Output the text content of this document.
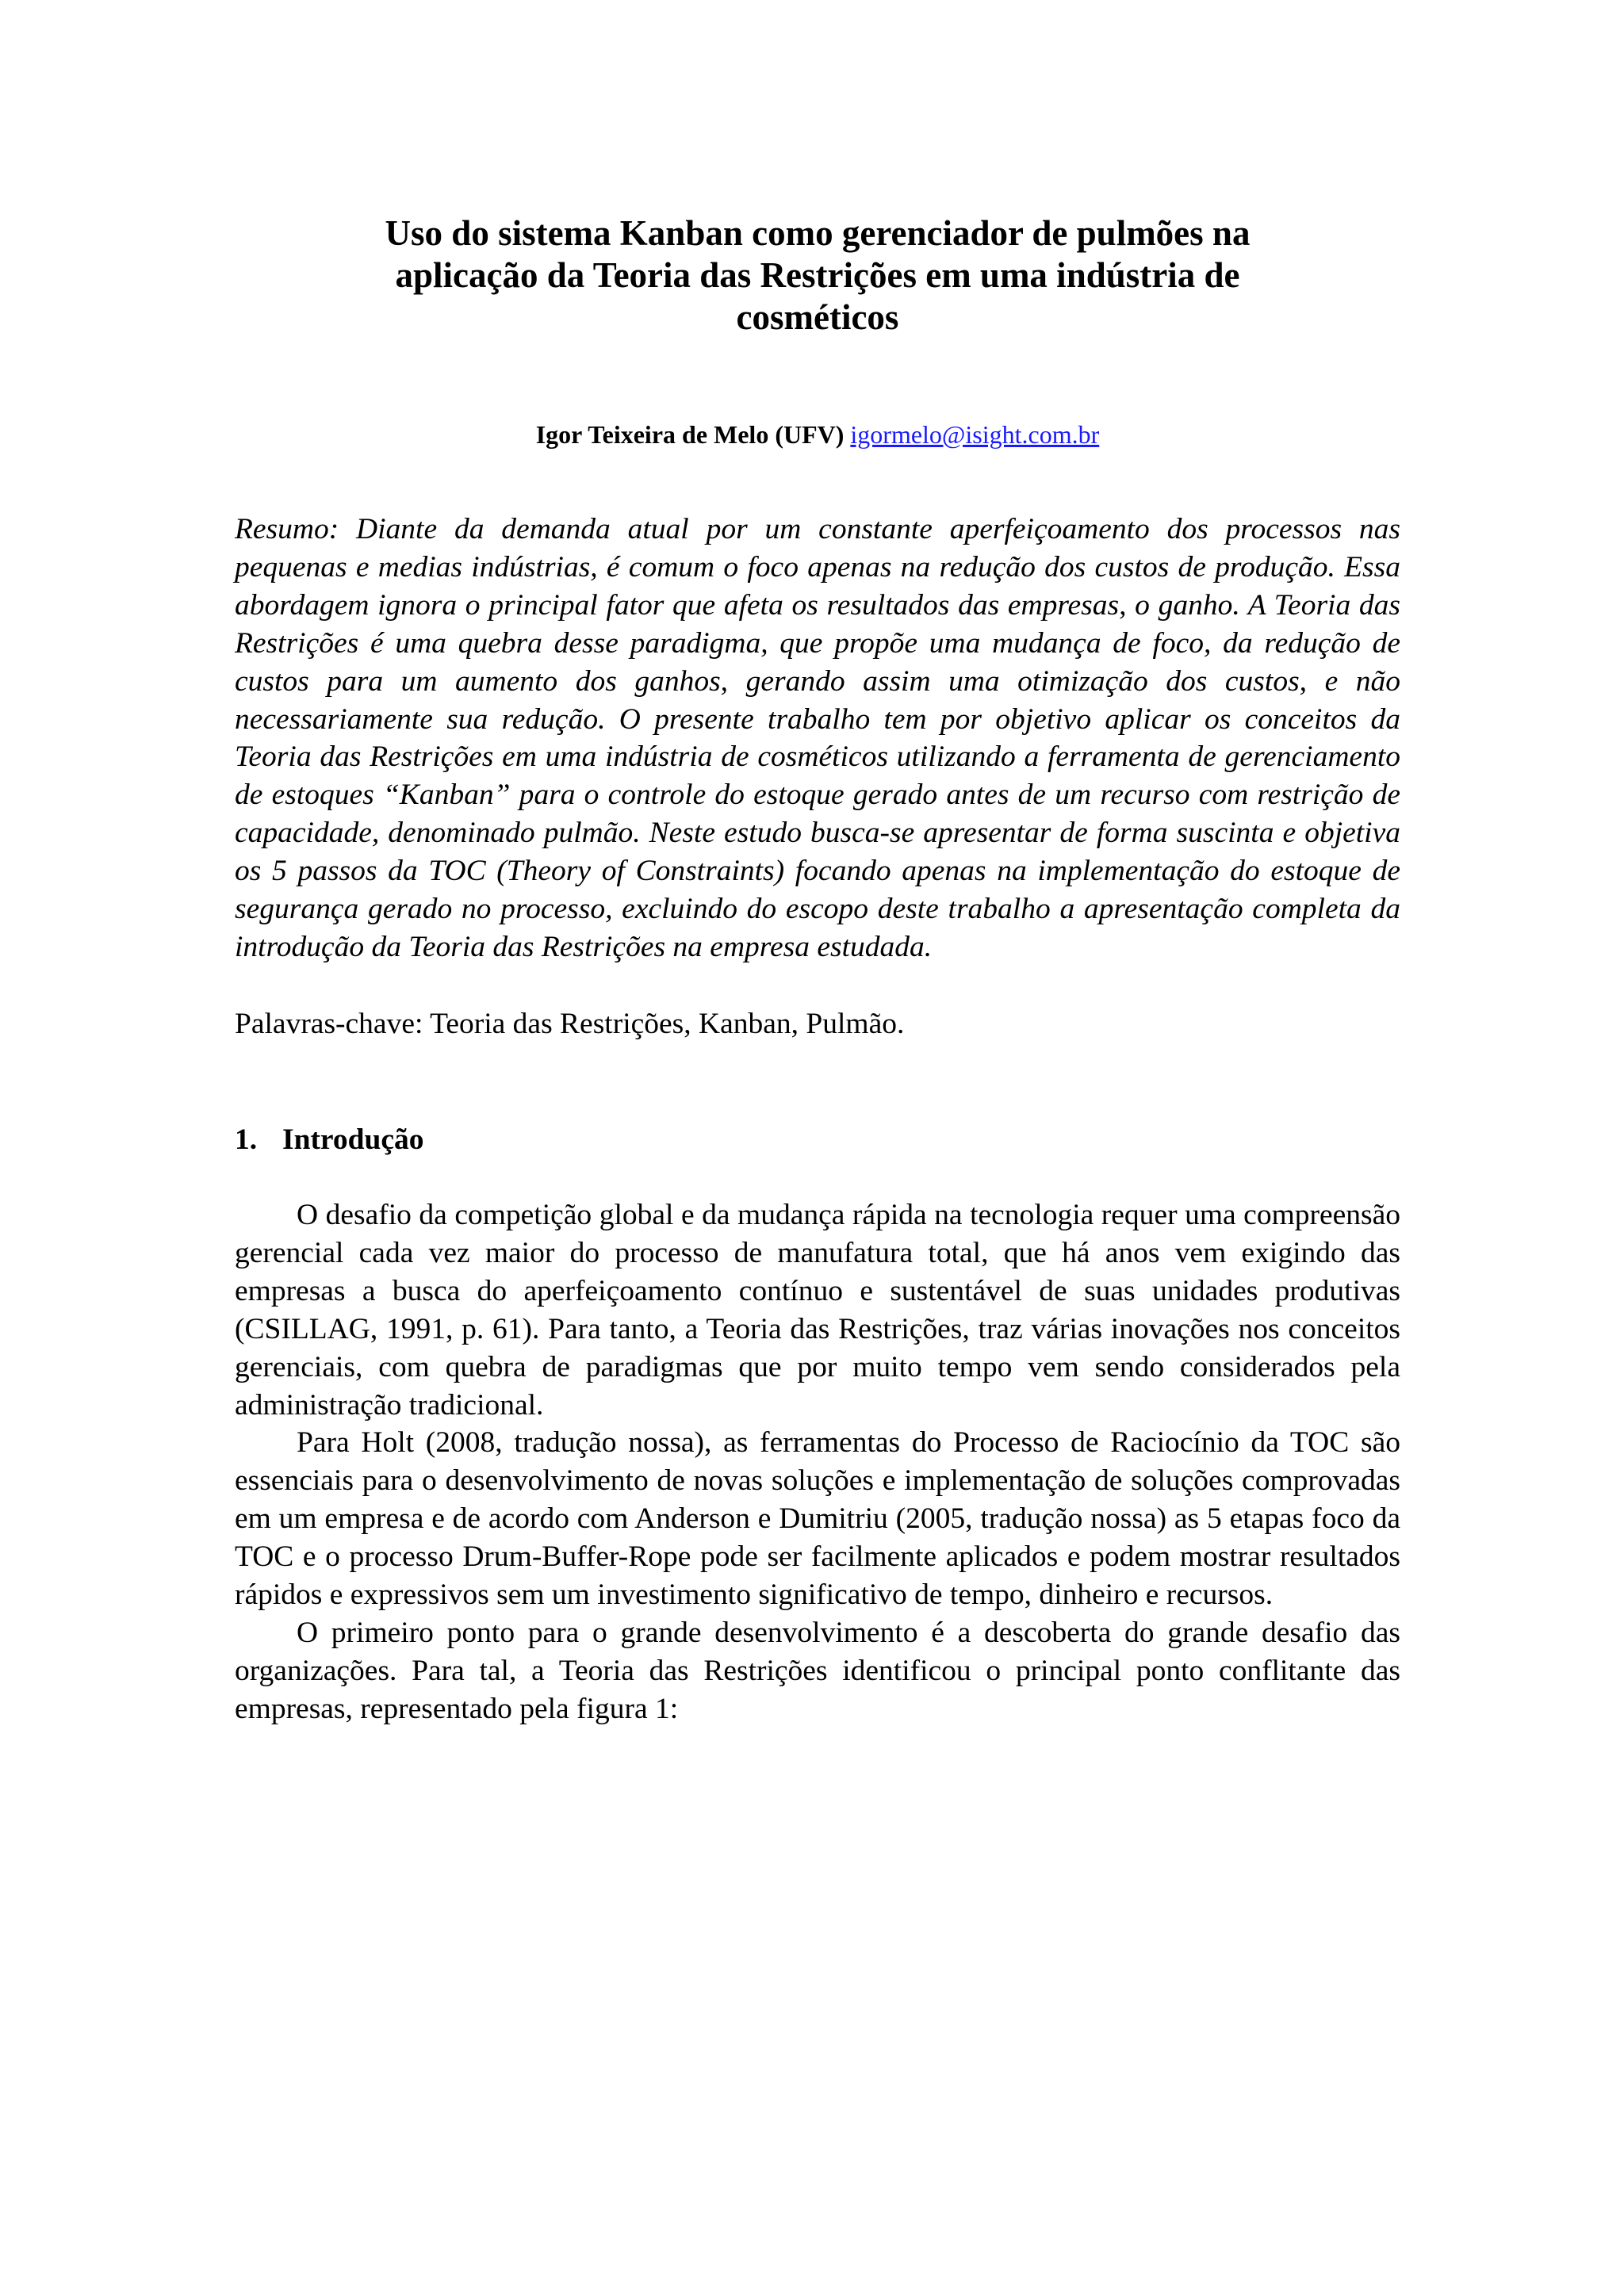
Uso do sistema Kanban como gerenciador de pulmões na
aplicação da Teoria das Restrições em uma indústria de
cosméticos
Igor Teixeira de Melo (UFV) igormelo@isight.com.br

Resumo: Diante da demanda atual por um constante aperfeiçoamento dos processos nas pequenas e medias indústrias, é comum o foco apenas na redução dos custos de produção. Essa abordagem ignora o principal fator que afeta os resultados das empresas, o ganho. A Teoria das Restrições é uma quebra desse paradigma, que propõe uma mudança de foco, da redução de custos para um aumento dos ganhos, gerando assim uma otimização dos custos, e não necessariamente sua redução. O presente trabalho tem por objetivo aplicar os conceitos da Teoria das Restrições em uma indústria de cosméticos utilizando a ferramenta de gerenciamento de estoques “Kanban” para o controle do estoque gerado antes de um recurso com restrição de capacidade, denominado pulmão. Neste estudo busca-se apresentar de forma suscinta e objetiva os 5 passos da TOC (Theory of Constraints) focando apenas na implementação do estoque de segurança gerado no processo, excluindo do escopo deste trabalho a apresentação completa da introdução da Teoria das Restrições na empresa estudada.

Palavras-chave: Teoria das Restrições, Kanban, Pulmão.

1. Introdução

O desafio da competição global e da mudança rápida na tecnologia requer uma compreensão gerencial cada vez maior do processo de manufatura total, que há anos vem exigindo das empresas a busca do aperfeiçoamento contínuo e sustentável de suas unidades produtivas (CSILLAG, 1991, p. 61). Para tanto, a Teoria das Restrições, traz várias inovações nos conceitos gerenciais, com quebra de paradigmas que por muito tempo vem sendo considerados pela administração tradicional.

Para Holt (2008, tradução nossa), as ferramentas do Processo de Raciocínio da TOC são essenciais para o desenvolvimento de novas soluções e implementação de soluções comprovadas em um empresa e de acordo com Anderson e Dumitriu (2005, tradução nossa) as 5 etapas foco da TOC e o processo Drum-Buffer-Rope pode ser facilmente aplicados e podem mostrar resultados rápidos e expressivos sem um investimento significativo de tempo, dinheiro e recursos.

O primeiro ponto para o grande desenvolvimento é a descoberta do grande desafio das organizações. Para tal, a Teoria das Restrições identificou o principal ponto conflitante das empresas, representado pela figura 1:
